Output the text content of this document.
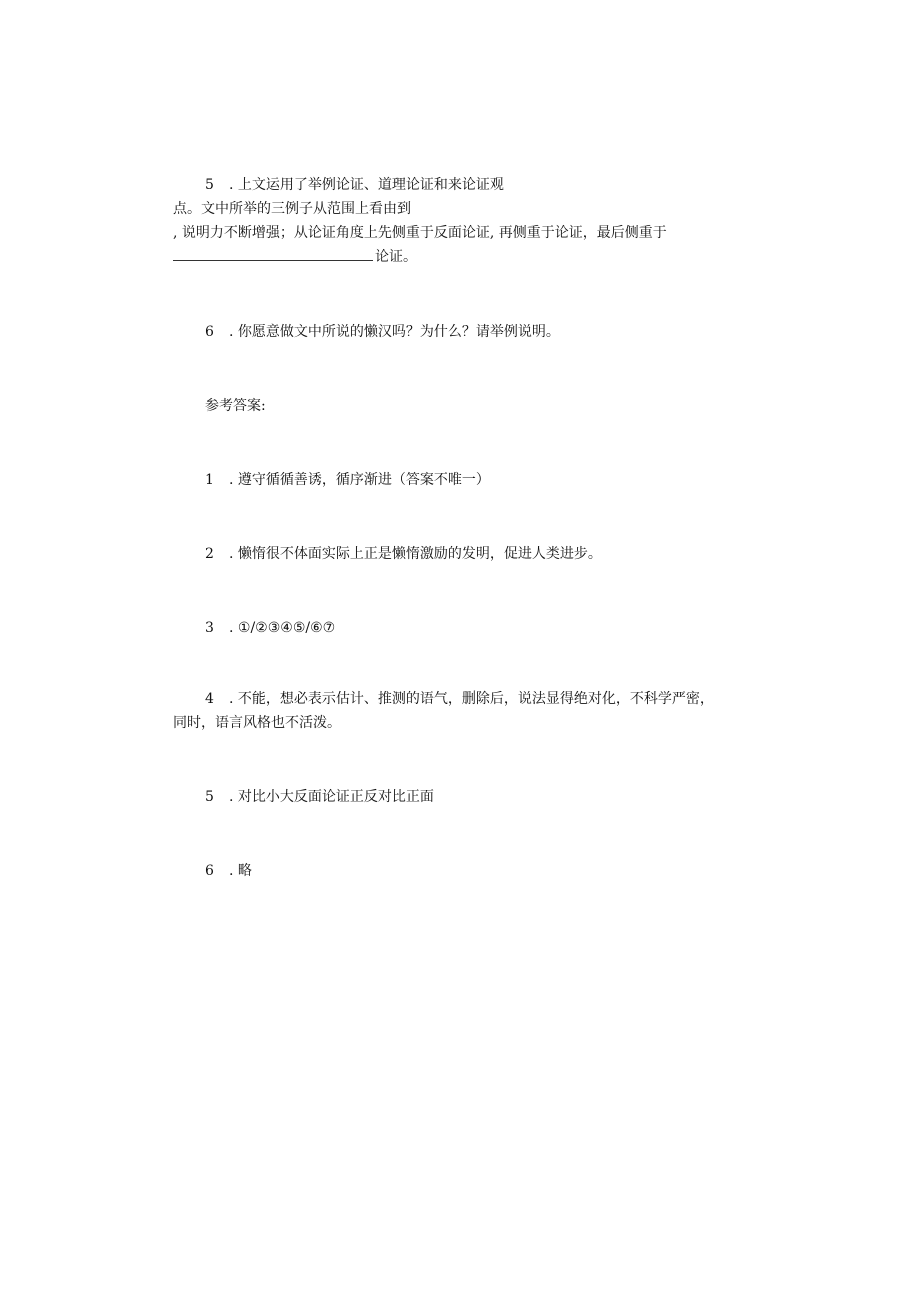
5 . 上文运用了举例论证、道理论证和来论证观
点。文中所举的三例子从范围上看由到
, 说明力不断增强；从论证角度上先侧重于反面论证, 再侧重于论证，最后侧重于
论证。
6 . 你愿意做文中所说的懒汉吗？为什么？请举例说明。
参考答案:
1 . 遵守循循善诱，循序渐进（答案不唯一）
2 . 懒惰很不体面实际上正是懒惰激励的发明，促进人类进步。
3 . ①/②③④⑤/⑥⑦
4 . 不能，想必表示估计、推测的语气，删除后，说法显得绝对化，不科学严密，
同时，语言风格也不活泼。
5 . 对比小大反面论证正反对比正面
6 . 略
